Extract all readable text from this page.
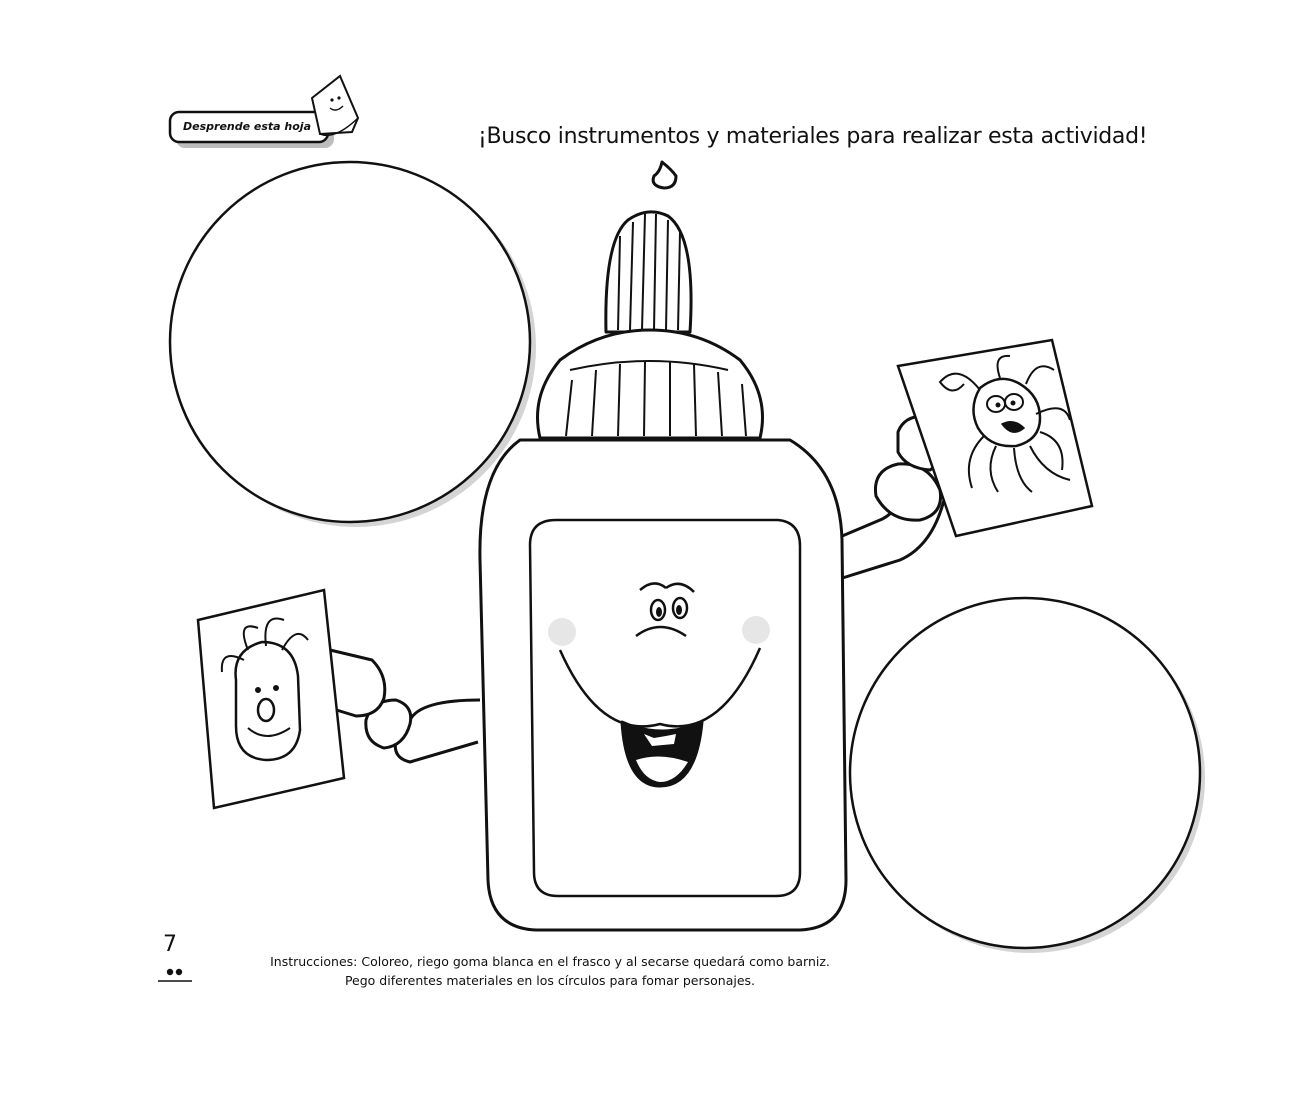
Desprende esta hoja	¡Busco instrumentos y materiales para realizar esta actividad!
7
Instrucciones: Coloreo, riego goma blanca en el frasco y al secarse quedará como barniz.
Pego diferentes materiales en los círculos para fomar personajes.
